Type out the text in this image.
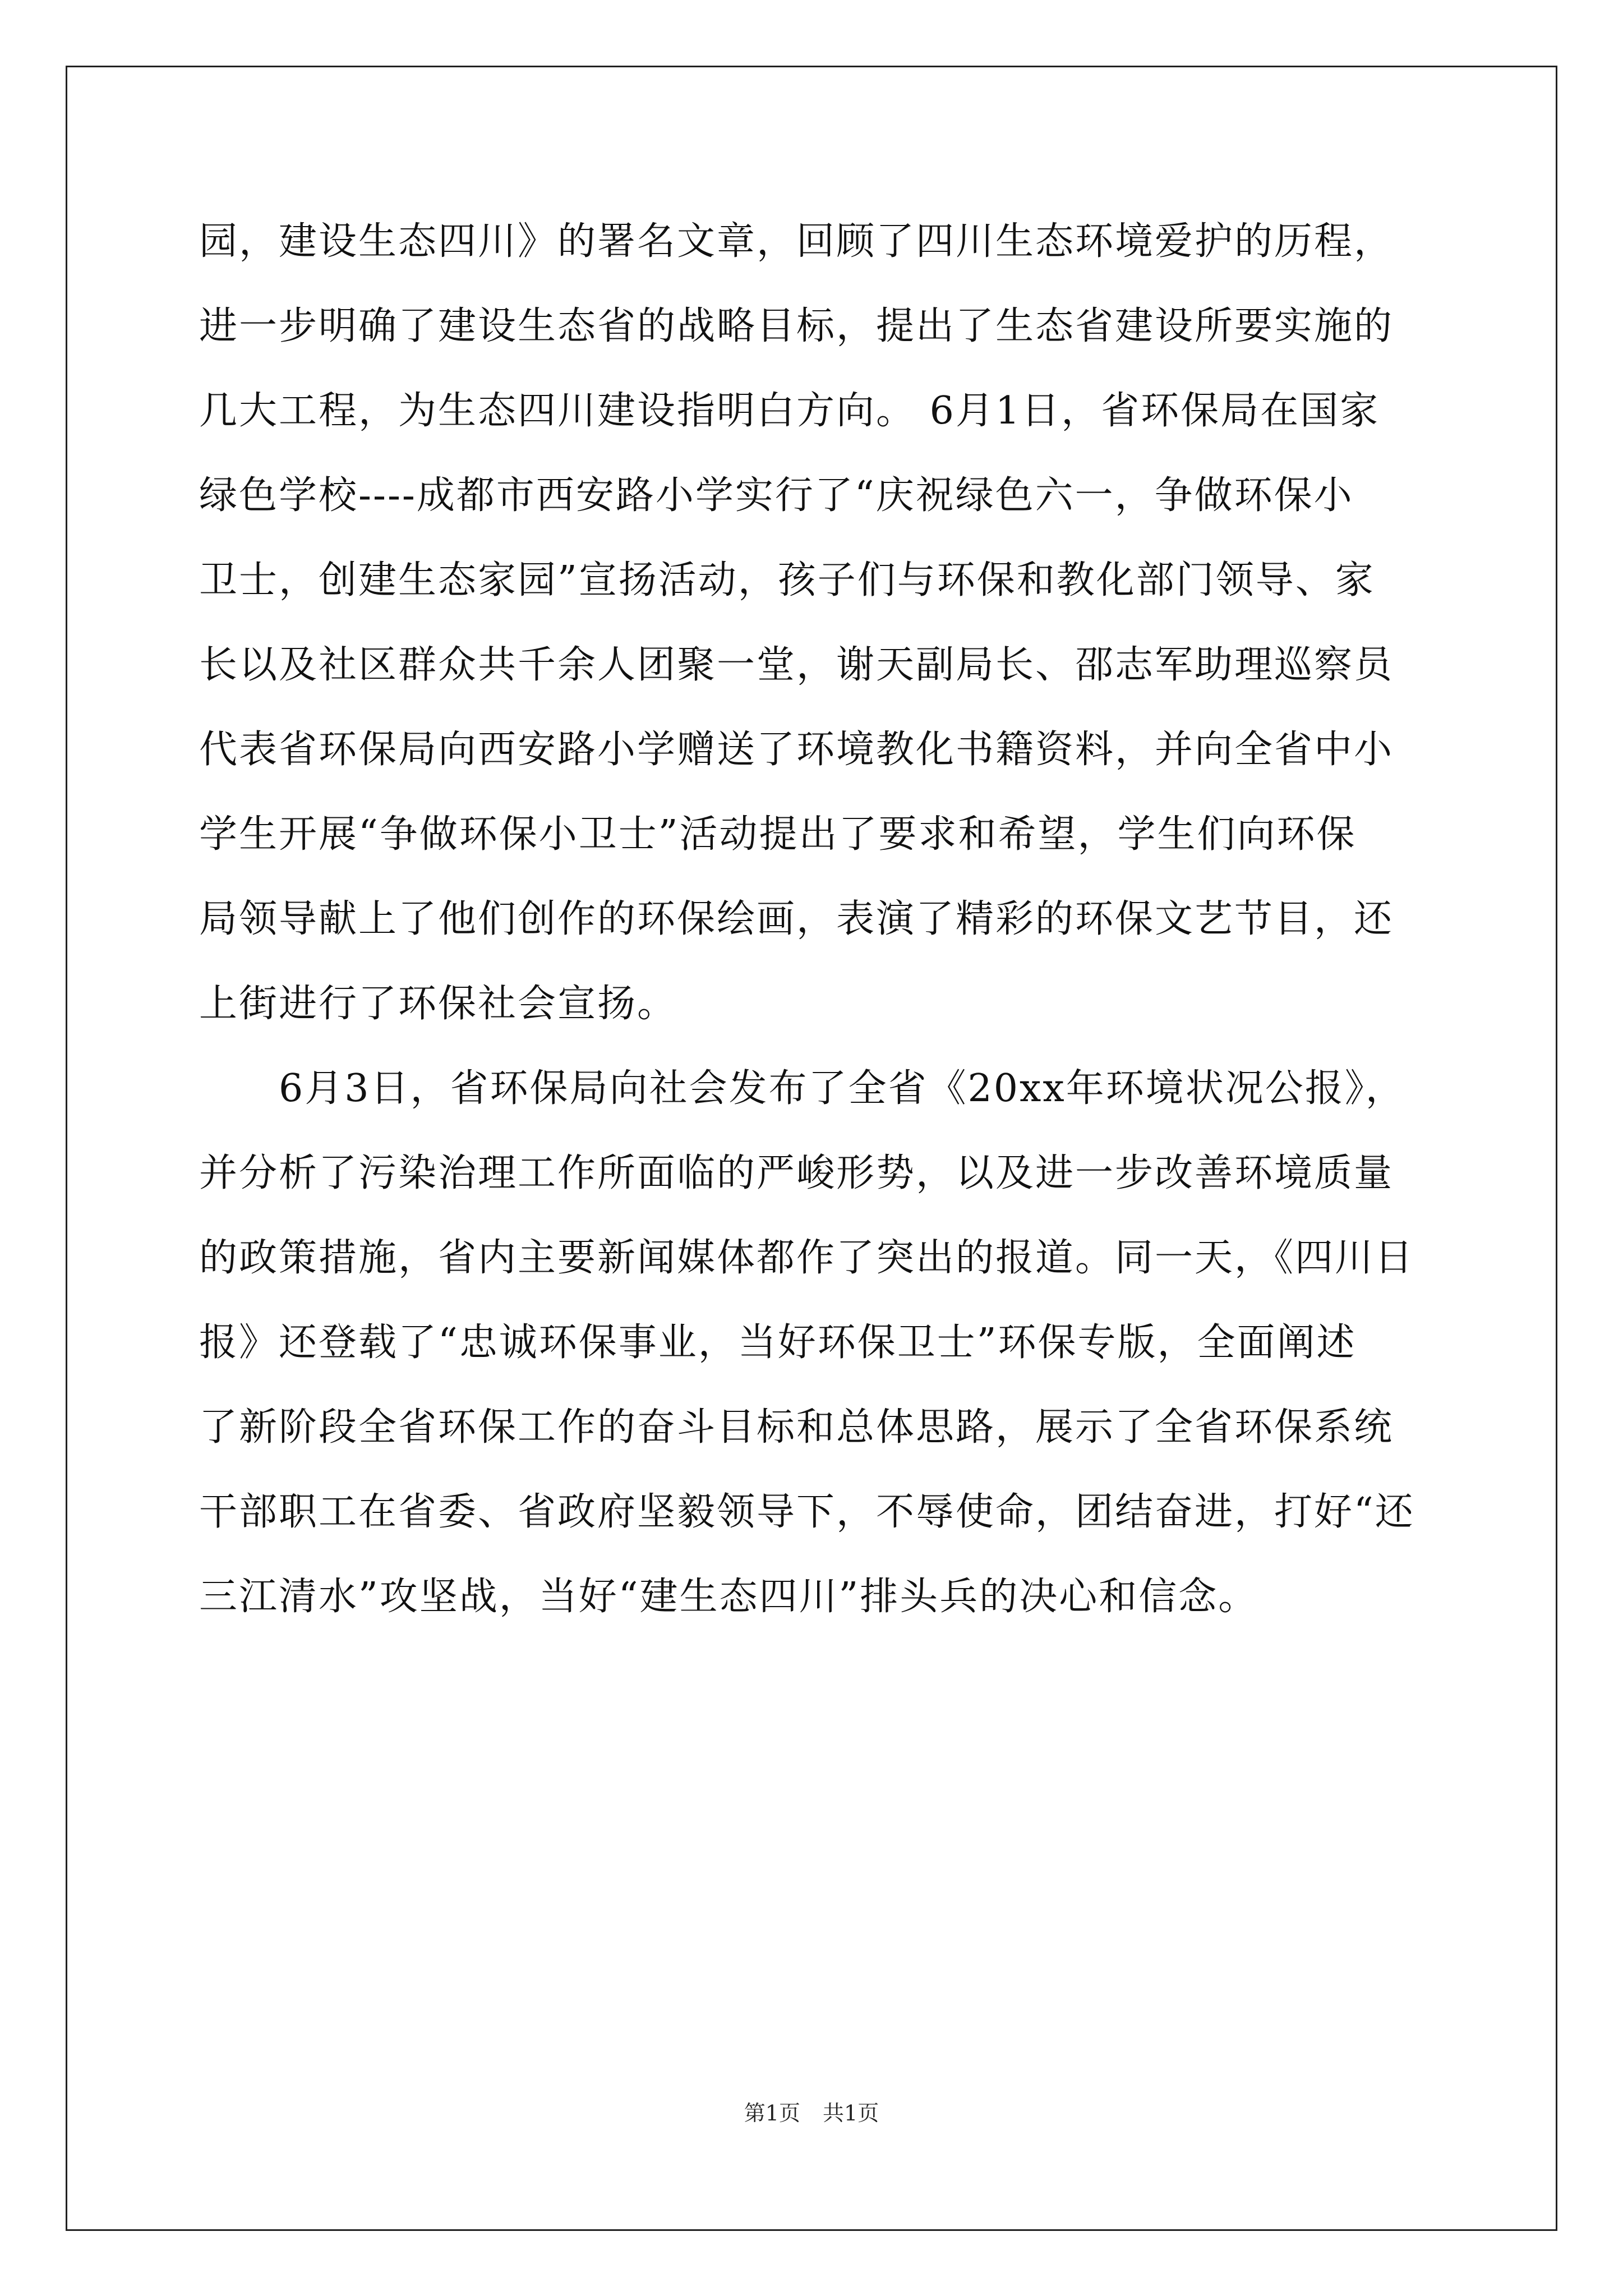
园，建设生态四川》的署名文章，回顾了四川生态环境爱护的历程，
进一步明确了建设生态省的战略目标，提出了生态省建设所要实施的
几大工程，为生态四川建设指明白方向。 6月1日，省环保局在国家
绿色学校----成都市西安路小学实行了“庆祝绿色六一，争做环保小
卫士，创建生态家园”宣扬活动，孩子们与环保和教化部门领导、家
长以及社区群众共千余人团聚一堂，谢天副局长、邵志军助理巡察员
代表省环保局向西安路小学赠送了环境教化书籍资料，并向全省中小
学生开展“争做环保小卫士”活动提出了要求和希望，学生们向环保
局领导献上了他们创作的环保绘画，表演了精彩的环保文艺节目，还
上街进行了环保社会宣扬。
　　6月3日，省环保局向社会发布了全省《20xx年环境状况公报》，
并分析了污染治理工作所面临的严峻形势，以及进一步改善环境质量
的政策措施，省内主要新闻媒体都作了突出的报道。同一天，《四川日
报》还登载了“忠诚环保事业，当好环保卫士”环保专版，全面阐述
了新阶段全省环保工作的奋斗目标和总体思路，展示了全省环保系统
干部职工在省委、省政府坚毅领导下，不辱使命，团结奋进，打好“还
三江清水”攻坚战，当好“建生态四川”排头兵的决心和信念。
第1页 共1页
